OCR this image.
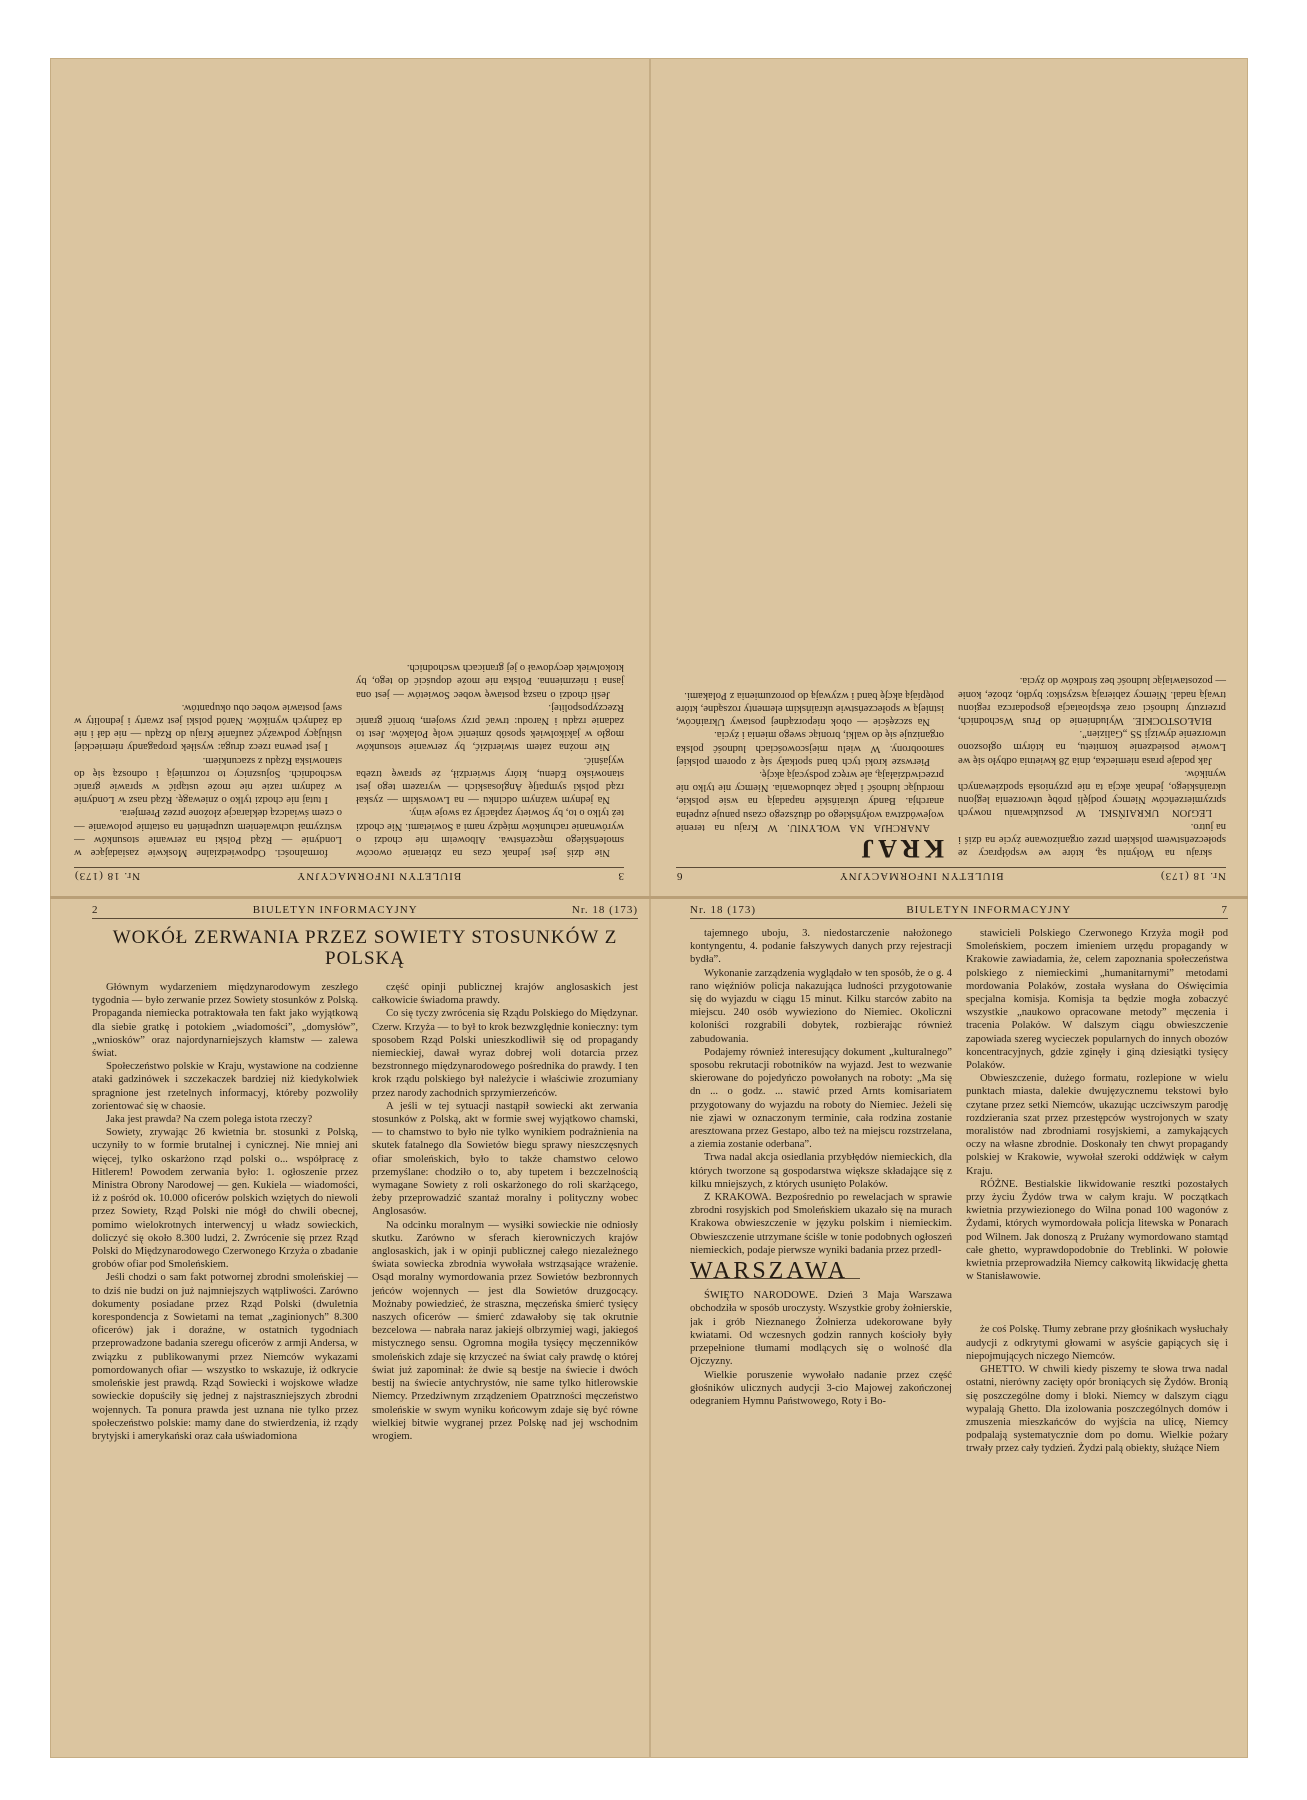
3
BIULETYN INFORMACYJNY
Nr. 18 (173)

Nie dziś jest jednak czas na zbieranie owoców smoleńskiego męczeństwa. Alboweim nie chodzi o wyrównanie rachunków między nami a Sowietami. Nie chodzi też tylko o to, by Sowiety zapłaciły za swoje winy.

Na jednym ważnym odcinku — na Lwowskim — zyskał rząd polski sympatję Anglosaskich — wyrazem tego jest stanowisko Edenu, który stwierdził, że sprawę trzeba wyjaśnić.

Nie można zatem stwierdzić, by zerwanie stosunków mogło w jakikolwiek sposób zmienić wolę Polaków. Jest to zadanie rządu i Narodu: trwać przy swojem, bronić granic Rzeczypospolitej.

Jeśli chodzi o naszą postawę wobec Sowietów — jest ona jasna i niezmienna. Polska nie może dopuścić do tego, by ktokolwiek decydował o jej granicach wschodnich.

formalności. Odpowiedzialne Moskwie zasiadające w Londynie — Rząd Polski na zerwanie stosunków — wstrzymał uchwaleniem uzupełnień na ostatnie polowanie — o czem świadczą deklaracje złożone przez Premjera.

I tutaj nie chodzi tylko o zniewagę. Rząd nasz w Londynie w żadnym razie nie może ustąpić w sprawie granic wschodnich. Sojusznicy to rozumieją i odnoszą się do stanowiska Rządu z szacunkiem.

I jest pewna rzecz druga: wysiłek propagandy niemieckiej usiłujący podważyć zaufanie Kraju do Rządu — nie dał i nie da żadnych wyników. Naród polski jest zwarty i jednolity w swej postawie wobec obu okupantów.

Nr. 18 (173)
BIULETYN INFORMACYJNY
6

skraju na Wołyniu są, które we współpracy ze społeczeństwem polskiem przez organizowane życie na dziś i na jutro.

LEGJON UKRAIŃSKI. W poszukiwaniu nowych sprzymierzeńców Niemcy podjęli próbę utworzenia legjonu ukraińskiego, jednak akcja ta nie przyniosła spodziewanych wyników.

Jak podaje prasa niemiecka, dnia 28 kwietnia odbyło się we Lwowie posiedzenie komitetu, na którym ogłoszono utworzenie dywizji SS „Galizien”.

BIAŁOSTOCKIE. Wyludnienie do Prus Wschodnich, przerzuty ludności oraz eksploatacja gospodarcza regionu trwają nadal. Niemcy zabierają wszystko: bydło, zboże, konie — pozostawiając ludność bez środków do życia.

KRAJ

ANARCHJA NA WOŁYNIU. W Kraju na terenie województwa wołyńskiego od dłuższego czasu panuje zupełna anarchja. Bandy ukraińskie napadają na wsie polskie, mordując ludność i paląc zabudowania. Niemcy nie tylko nie przeciwdziałają, ale wręcz podsycają akcję.

Pierwsze kroki tych band spotkały się z oporem polskiej samoobrony. W wielu miejscowościach ludność polska organizuje się do walki, broniąc swego mienia i życia.

Na szczęście — obok nieporządnej postawy Ukraińców, istnieją w społeczeństwie ukraińskim elementy rozsądne, które potępiają akcję band i wzywają do porozumienia z Polakami.

2	BIULETYN INFORMACYJNY	Nr. 18 (173)
WOKÓŁ ZERWANIA PRZEZ SOWIETY STOSUNKÓW Z POLSKĄ

Głównym wydarzeniem międzynarodowym zeszłego tygodnia — było zerwanie przez Sowiety stosunków z Polską. Propaganda niemiecka potraktowała ten fakt jako wyjątkową dla siebie gratkę i potokiem „wiadomości”, „domysłów”, „wniosków” oraz najordynarniejszych kłamstw — zalewa świat.

Społeczeństwo polskie w Kraju, wystawione na codzienne ataki gadzinówek i szczekaczek bardziej niż kiedykolwiek spragnione jest rzetelnych informacyj, któreby pozwoliły zorientować się w chaosie.

Jaka jest prawda? Na czem polega istota rzeczy?

Sowiety, zrywając 26 kwietnia br. stosunki z Polską, uczyniły to w formie brutalnej i cynicznej. Nie mniej ani więcej, tylko oskarżono rząd polski o... współpracę z Hitlerem! Powodem zerwania było: 1. ogłoszenie przez Ministra Obrony Narodowej — gen. Kukiela — wiadomości, iż z pośród ok. 10.000 oficerów polskich wziętych do niewoli przez Sowiety, Rząd Polski nie mógł do chwili obecnej, pomimo wielokrotnych interwencyj u władz sowieckich, doliczyć się około 8.300 ludzi, 2. Zwrócenie się przez Rząd Polski do Międzynarodowego Czerwonego Krzyża o zbadanie grobów ofiar pod Smoleńskiem.

Jeśli chodzi o sam fakt potwornej zbrodni smoleńskiej — to dziś nie budzi on już najmniejszych wątpliwości. Zarówno dokumenty posiadane przez Rząd Polski (dwuletnia korespondencja z Sowietami na temat „zaginionych” 8.300 oficerów) jak i doraźne, w ostatnich tygodniach przeprowadzone badania szeregu oficerów z armji Andersa, w związku z publikowanymi przez Niemców wykazami pomordowanych ofiar — wszystko to wskazuje, iż odkrycie smoleńskie jest prawdą. Rząd Sowiecki i wojskowe władze sowieckie dopuściły się jednej z najstraszniejszych zbrodni wojennych. Ta ponura prawda jest uznana nie tylko przez społeczeństwo polskie: mamy dane do stwierdzenia, iż rządy brytyjski i amerykański oraz cała uświadomiona

część opinji publicznej krajów anglosaskich jest całkowicie świadoma prawdy.

Co się tyczy zwrócenia się Rządu Polskiego do Międzynar. Czerw. Krzyża — to był to krok bezwzględnie konieczny: tym sposobem Rząd Polski unieszkodliwił się od propagandy niemieckiej, dawał wyraz dobrej woli dotarcia przez bezstronnego międzynarodowego pośrednika do prawdy. I ten krok rządu polskiego był należycie i właściwie zrozumiany przez narody zachodnich sprzymierzeńców.

A jeśli w tej sytuacji nastąpił sowiecki akt zerwania stosunków z Polską, akt w formie swej wyjątkowo chamski, — to chamstwo to było nie tylko wynikiem podrażnienia na skutek fatalnego dla Sowietów biegu sprawy nieszczęsnych ofiar smoleńskich, było to także chamstwo celowo przemyślane: chodziło o to, aby tupetem i bezczelnością wymagane Sowiety z roli oskarżonego do roli skarżącego, żeby przeprowadzić szantaż moralny i polityczny wobec Anglosasów.

Na odcinku moralnym — wysiłki sowieckie nie odniosły skutku. Zarówno w sferach kierowniczych krajów anglosaskich, jak i w opinji publicznej całego niezależnego świata sowiecka zbrodnia wywołała wstrząsające wrażenie. Osąd moralny wymordowania przez Sowietów bezbronnych jeńców wojennych — jest dla Sowietów druzgocący. Możnaby powiedzieć, że straszna, męczeńska śmierć tysięcy naszych oficerów — śmierć zdawałoby się tak okrutnie bezcelowa — nabrała naraz jakiejś olbrzymiej wagi, jakiegoś mistycznego sensu. Ogromna mogiła tysięcy męczenników smoleńskich zdaje się krzyczeć na świat cały prawdę o której świat już zapominał: że dwie są bestje na świecie i dwóch bestij na świecie antychrystów, nie same tylko hitlerowskie Niemcy. Przedziwnym zrządzeniem Opatrzności męczeństwo smoleńskie w swym wyniku końcowym zdaje się być równe wielkiej bitwie wygranej przez Polskę nad jej wschodnim wrogiem.

Nr. 18 (173)	BIULETYN INFORMACYJNY	7

tajemnego uboju, 3. niedostarczenie nałożonego kontyngentu, 4. podanie fałszywych danych przy rejestracji bydła”.

Wykonanie zarządzenia wyglądało w ten sposób, że o g. 4 rano więźniów policja nakazująca ludności przygotowanie się do wyjazdu w ciągu 15 minut. Kilku starców zabito na miejscu. 240 osób wywieziono do Niemiec. Okoliczni koloniści rozgrabili dobytek, rozbierając również zabudowania.

Podajemy również interesujący dokument „kulturalnego” sposobu rekrutacji robotników na wyjazd. Jest to wezwanie skierowane do pojedyńczo powołanych na roboty: „Ma się dn ... o godz. ... stawić przed Arnts komisariatem przygotowany do wyjazdu na roboty do Niemiec. Jeżeli się nie zjawi w oznaczonym terminie, cała rodzina zostanie aresztowana przez Gestapo, albo też na miejscu rozstrzelana, a ziemia zostanie oderbana”.

Trwa nadal akcja osiedlania przybłędów niemieckich, dla których tworzone są gospodarstwa większe składające się z kilku mniejszych, z których usunięto Polaków.

Z KRAKOWA. Bezpośrednio po rewelacjach w sprawie zbrodni rosyjskich pod Smoleńskiem ukazało się na murach Krakowa obwieszczenie w języku polskim i niemieckim. Obwieszczenie utrzymane ściśle w tonie podobnych ogłoszeń niemieckich, podaje pierwsze wyniki badania przez przedl-

WARSZAWA

ŚWIĘTO NARODOWE. Dzień 3 Maja Warszawa obchodziła w sposób uroczysty. Wszystkie groby żołnierskie, jak i grób Nieznanego Żołnierza udekorowane były kwiatami. Od wczesnych godzin rannych kościoły były przepełnione tłumami modlących się o wolność dla Ojczyzny.

Wielkie poruszenie wywołało nadanie przez część głośników ulicznych audycji 3-cio Majowej zakończonej odegraniem Hymnu Państwowego, Roty i Bo-

stawicieli Polskiego Czerwonego Krzyża mogił pod Smoleńskiem, poczem imieniem urzędu propagandy w Krakowie zawiadamia, że, celem zapoznania społeczeństwa polskiego z niemieckimi „humanitarnymi” metodami mordowania Polaków, została wysłana do Oświęcimia specjalna komisja. Komisja ta będzie mogła zobaczyć wszystkie „naukowo opracowane metody” męczenia i tracenia Polaków. W dalszym ciągu obwieszczenie zapowiada szereg wycieczek popularnych do innych obozów koncentracyjnych, gdzie zginęły i giną dziesiątki tysięcy Polaków.

Obwieszczenie, dużego formatu, rozlepione w wielu punktach miasta, dalekie dwujęzycznemu tekstowi było czytane przez setki Niemców, ukazując uczciwszym parodję rozdzierania szat przez przestępców wystrojonych w szaty moralistów nad zbrodniami rosyjskiemi, a zamykających oczy na własne zbrodnie. Doskonały ten chwyt propagandy polskiej w Krakowie, wywołał szeroki oddźwięk w całym Kraju.

RÓŻNE. Bestialskie likwidowanie resztki pozostałych przy życiu Żydów trwa w całym kraju. W początkach kwietnia przywiezionego do Wilna ponad 100 wagonów z Żydami, których wymordowała policja litewska w Ponarach pod Wilnem. Jak donoszą z Prużany wymordowano stamtąd całe ghetto, wyprawdopodobnie do Treblinki. W połowie kwietnia przeprowadziła Niemcy całkowitą likwidację ghetta w Stanisławowie.

że coś Polskę. Tłumy zebrane przy głośnikach wysłuchały audycji z odkrytymi głowami w asyście gapiących się i niepojmujących niczego Niemców.

GHETTO. W chwili kiedy piszemy te słowa trwa nadal ostatni, nierówny zacięty opór broniących się Żydów. Bronią się poszczególne domy i bloki. Niemcy w dalszym ciągu wypalają Ghetto. Dla izolowania poszczególnych domów i zmuszenia mieszkańców do wyjścia na ulicę, Niemcy podpalają systematycznie dom po domu. Wielkie pożary trwały przez cały tydzień. Żydzi palą obiekty, służące Niem
